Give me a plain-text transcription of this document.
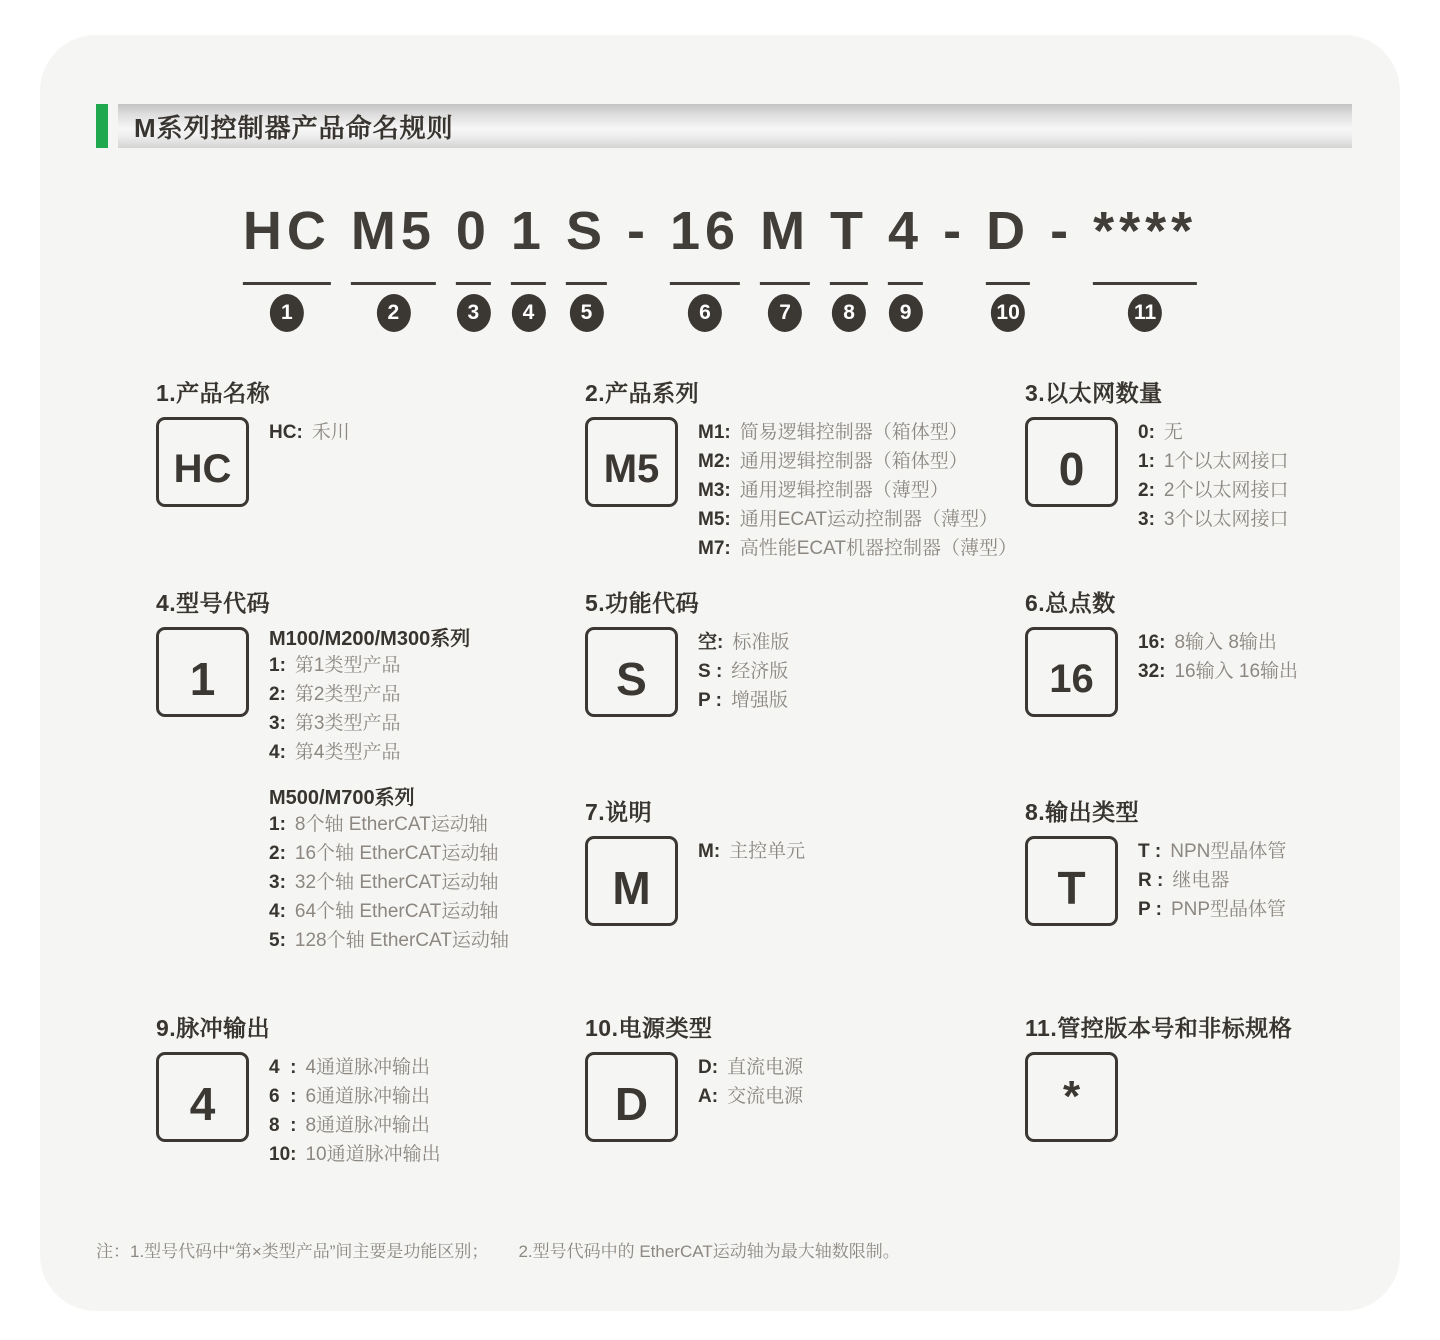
M系列控制器产品命名规则
HC
1
M5
2
0
3
1
4
S
5
- 16
6
M
7
T
8
4
9
- D
10
- ****
11
1.产品名称
HC
HC: 禾川
2.产品系列
M5
M1: 简易逻辑控制器（箱体型）
M2: 通用逻辑控制器（箱体型）
M3: 通用逻辑控制器（薄型）
M5: 通用ECAT运动控制器（薄型）
M7: 高性能ECAT机器控制器（薄型）
3.以太网数量
0
0: 无
1: 1个以太网接口
2: 2个以太网接口
3: 3个以太网接口
4.型号代码
1
M100/M200/M300系列
1: 第1类型产品
2: 第2类型产品
3: 第3类型产品
4: 第4类型产品
M500/M700系列
1: 8个轴 EtherCAT运动轴
2: 16个轴 EtherCAT运动轴
3: 32个轴 EtherCAT运动轴
4: 64个轴 EtherCAT运动轴
5: 128个轴 EtherCAT运动轴
5.功能代码
S
空: 标准版
S : 经济版
P : 增强版
6.总点数
16
16: 8输入 8输出
32: 16输入 16输出
7.说明
M
M: 主控单元
8.输出类型
T
T : NPN型晶体管
R : 继电器
P : PNP型晶体管
9.脉冲输出
4
4  : 4通道脉冲输出
6  : 6通道脉冲输出
8  : 8通道脉冲输出
10: 10通道脉冲输出
10.电源类型
D
D: 直流电源
A: 交流电源
11.管控版本号和非标规格
*
注：1.型号代码中“第×类型产品”间主要是功能区别； 2.型号代码中的 EtherCAT运动轴为最大轴数限制。
